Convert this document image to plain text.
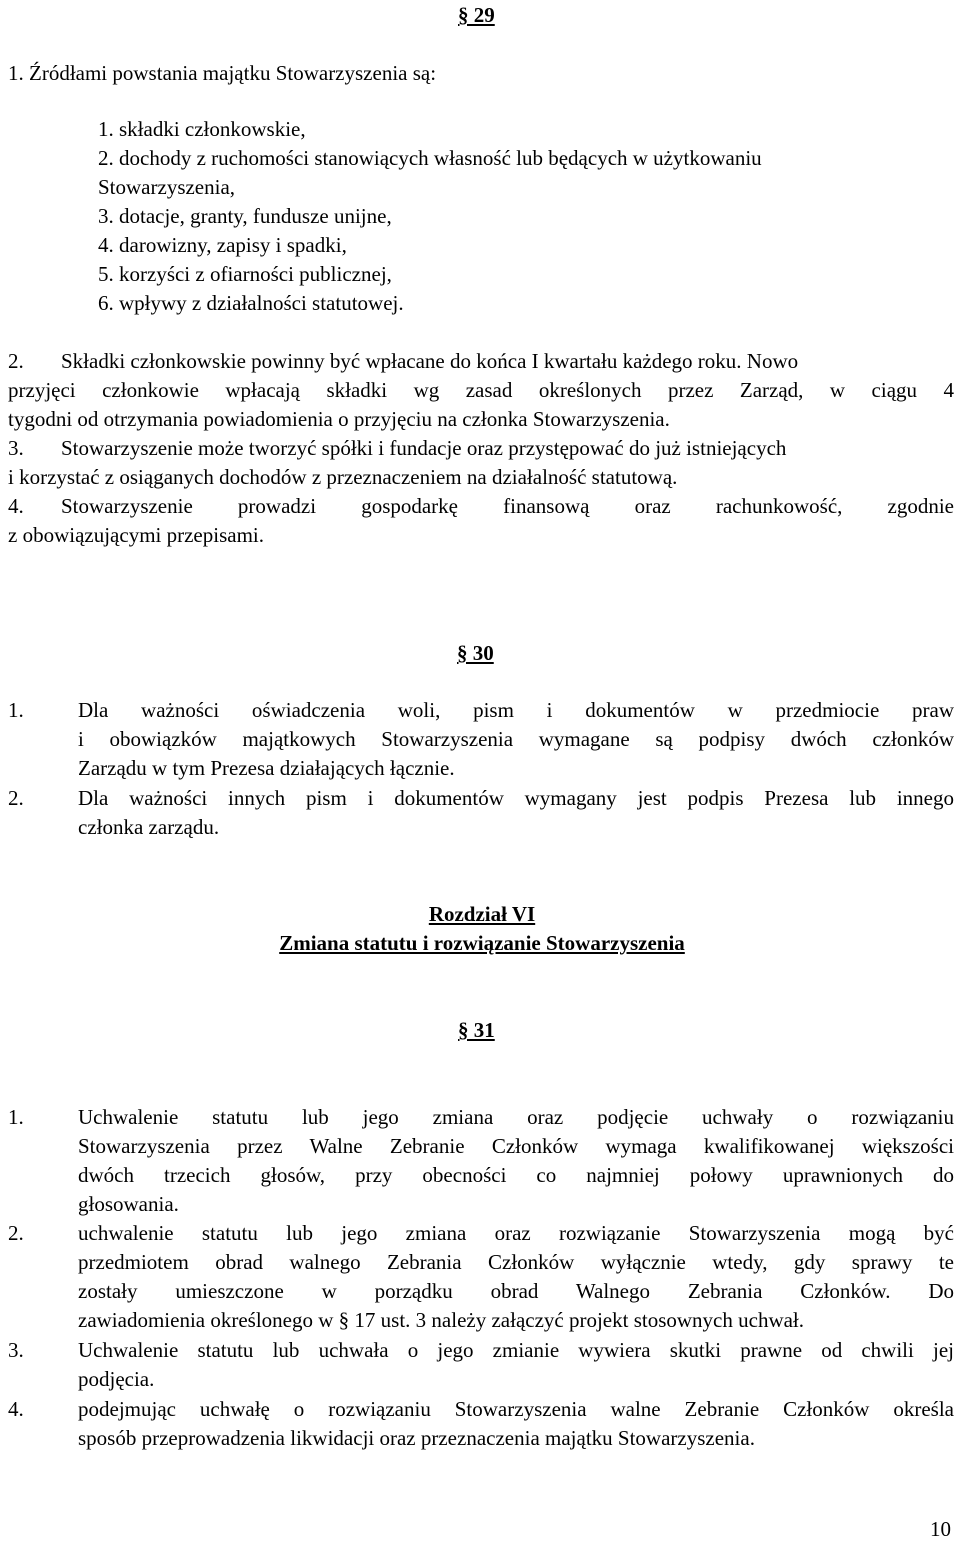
§ 29
1. Źródłami powstania majątku Stowarzyszenia są:
1. składki członkowskie,
2. dochody z ruchomości stanowiących własność lub będących w użytkowaniu
Stowarzyszenia,
3. dotacje, granty, fundusze unijne,
4. darowizny, zapisy i spadki,
5. korzyści z ofiarności publicznej,
6. wpływy z działalności statutowej.
2. Składki członkowskie powinny być wpłacane do końca I kwartału każdego roku. Nowo
przyjęci członkowie wpłacają składki wg zasad określonych przez Zarząd, w ciągu 4
tygodni od otrzymania powiadomienia o przyjęciu na członka Stowarzyszenia.
3. Stowarzyszenie może tworzyć spółki i fundacje oraz przystępować do już istniejących
i korzystać z osiąganych dochodów z przeznaczeniem na działalność statutową.
4. Stowarzyszenie prowadzi gospodarkę finansową oraz rachunkowość, zgodnie
z obowiązującymi przepisami.
§ 30
1.	Dla ważności oświadczenia woli, pism i dokumentów w przedmiocie praw
i obowiązków majątkowych Stowarzyszenia wymagane są podpisy dwóch członków
Zarządu w tym Prezesa działających łącznie.
2.	Dla ważności innych pism i dokumentów wymagany jest podpis Prezesa lub innego
członka zarządu.
Rozdział VI
Zmiana statutu i rozwiązanie Stowarzyszenia
§ 31
1.	Uchwalenie statutu lub jego zmiana oraz podjęcie uchwały o rozwiązaniu
Stowarzyszenia przez Walne Zebranie Członków wymaga kwalifikowanej większości
dwóch trzecich głosów, przy obecności co najmniej połowy uprawnionych do
głosowania.
2.	uchwalenie statutu lub jego zmiana oraz rozwiązanie Stowarzyszenia mogą być
przedmiotem obrad walnego Zebrania Członków wyłącznie wtedy, gdy sprawy te
zostały umieszczone w porządku obrad Walnego Zebrania Członków. Do
zawiadomienia określonego w § 17 ust. 3 należy załączyć projekt stosownych uchwał.
3.	Uchwalenie statutu lub uchwała o jego zmianie wywiera skutki prawne od chwili jej
podjęcia.
4.	podejmując uchwałę o rozwiązaniu Stowarzyszenia walne Zebranie Członków określa
sposób przeprowadzenia likwidacji oraz przeznaczenia majątku Stowarzyszenia.
10
